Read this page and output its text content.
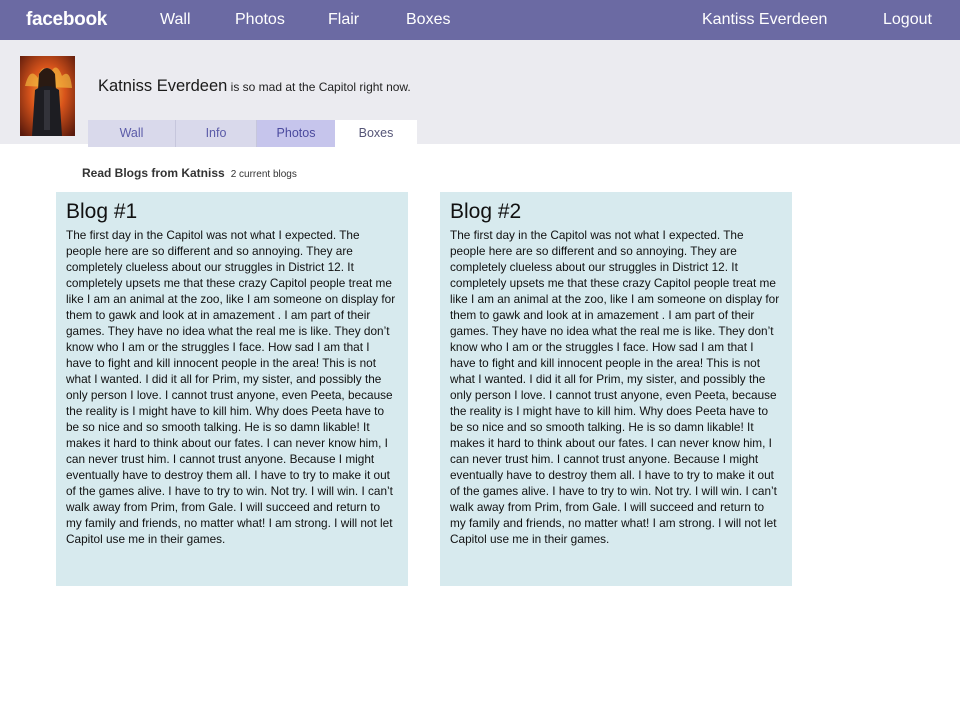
facebook	Wall	Photos	Flair	Boxes	Kantiss Everdeen	Logout
Katniss Everdeen is so mad at the Capitol right now.
Wall	Info	Photos	Boxes
Read Blogs from Katniss 2 current blogs
Blog #1
The first day in the Capitol was not what I expected. The people here are so different and so annoying. They are completely clueless about our struggles in District 12. It completely upsets me that these crazy Capitol people treat me like I am an animal at the zoo, like I am someone on display for them to gawk and look at in amazement . I am part of their games. They have no idea what the real me is like. They don’t know who I am or the struggles I face. How sad I am that I have to fight and kill innocent people in the area! This is not what I wanted. I did it all for Prim, my sister, and possibly the only person I love. I cannot trust anyone, even Peeta, because the reality is I might have to kill him. Why does Peeta have to be so nice and so smooth talking. He is so damn likable! It makes it hard to think about our fates. I can never know him, I can never trust him. I cannot trust anyone. Because I might eventually have to destroy them all. I have to try to make it out of the games alive. I have to try to win. Not try. I will win. I can’t walk away from Prim, from Gale. I will succeed and return to my family and friends, no matter what! I am strong. I will not let Capitol use me in their games.
Blog #2
The first day in the Capitol was not what I expected. The people here are so different and so annoying. They are completely clueless about our struggles in District 12. It completely upsets me that these crazy Capitol people treat me like I am an animal at the zoo, like I am someone on display for them to gawk and look at in amazement . I am part of their games. They have no idea what the real me is like. They don’t know who I am or the struggles I face. How sad I am that I have to fight and kill innocent people in the area! This is not what I wanted. I did it all for Prim, my sister, and possibly the only person I love. I cannot trust anyone, even Peeta, because the reality is I might have to kill him. Why does Peeta have to be so nice and so smooth talking. He is so damn likable! It makes it hard to think about our fates. I can never know him, I can never trust him. I cannot trust anyone. Because I might eventually have to destroy them all. I have to try to make it out of the games alive. I have to try to win. Not try. I will win. I can’t walk away from Prim, from Gale. I will succeed and return to my family and friends, no matter what! I am strong. I will not let Capitol use me in their games.
